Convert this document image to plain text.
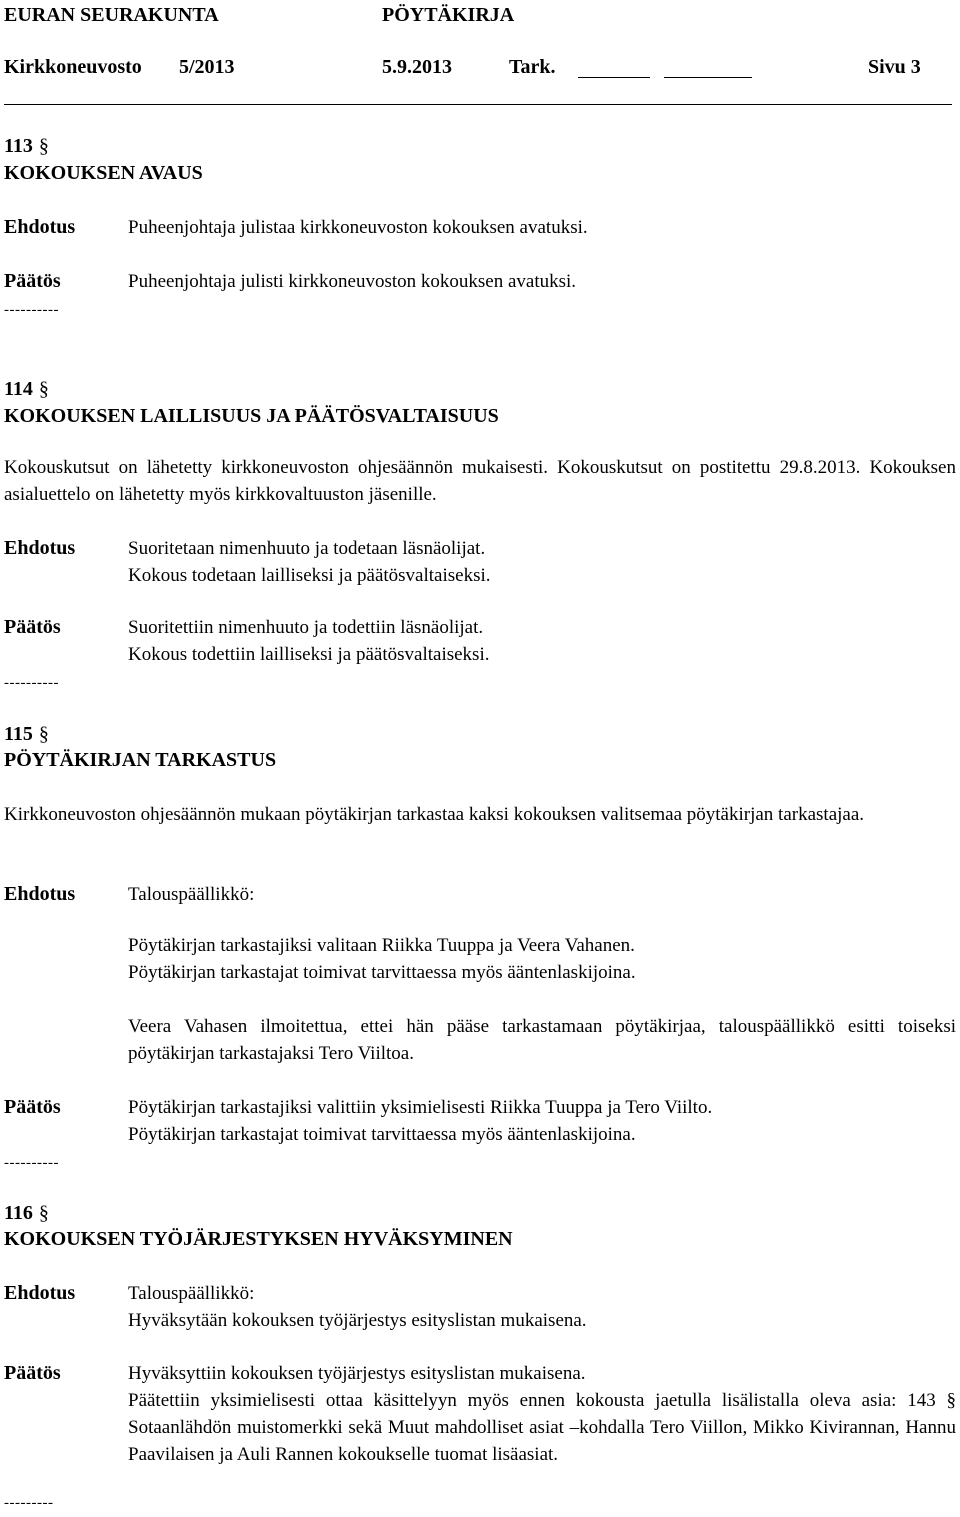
EURAN SEURAKUNTA	PÖYTÄKIRJA
Kirkkoneuvosto 5/2013	5.9.2013	Tark.	Sivu 3
113 §
KOKOUKSEN AVAUS
Ehdotus	Puheenjohtaja julistaa kirkkoneuvoston kokouksen avatuksi.
Päätös	Puheenjohtaja julisti kirkkoneuvoston kokouksen avatuksi.
----------
114 §
KOKOUKSEN LAILLISUUS JA PÄÄTÖSVALTAISUUS
Kokouskutsut on lähetetty kirkkoneuvoston ohjesäännön mukaisesti. Kokouskutsut on postitettu 29.8.2013. Kokouksen asialuettelo on lähetetty myös kirkkovaltuuston jäsenille.
Ehdotus	Suoritetaan nimenhuuto ja todetaan läsnäolijat.
Kokous todetaan lailliseksi ja päätösvaltaiseksi.
Päätös	Suoritettiin nimenhuuto ja todettiin läsnäolijat.
Kokous todettiin lailliseksi ja päätösvaltaiseksi.
----------
115 §
PÖYTÄKIRJAN TARKASTUS
Kirkkoneuvoston ohjesäännön mukaan pöytäkirjan tarkastaa kaksi kokouksen valitsemaa pöytäkirjan tarkastajaa.
Ehdotus	Talouspäällikkö:
Pöytäkirjan tarkastajiksi valitaan Riikka Tuuppa ja Veera Vahanen.
Pöytäkirjan tarkastajat toimivat tarvittaessa myös ääntenlaskijoina.
Veera Vahasen ilmoitettua, ettei hän pääse tarkastamaan pöytäkirjaa, talouspäällikkö esitti toiseksi pöytäkirjan tarkastajaksi Tero Viiltoa.
Päätös	Pöytäkirjan tarkastajiksi valittiin yksimielisesti Riikka Tuuppa ja Tero Viilto.
Pöytäkirjan tarkastajat toimivat tarvittaessa myös ääntenlaskijoina.
----------
116 §
KOKOUKSEN TYÖJÄRJESTYKSEN HYVÄKSYMINEN
Ehdotus	Talouspäällikkö:
Hyväksytään kokouksen työjärjestys esityslistan mukaisena.
Päätös	Hyväksyttiin kokouksen työjärjestys esityslistan mukaisena.
Päätettiin yksimielisesti ottaa käsittelyyn myös ennen kokousta jaetulla lisälistalla oleva asia: 143 § Sotaanlähdön muistomerkki sekä Muut mahdolliset asiat –kohdalla Tero Viillon, Mikko Kivirannan, Hannu Paavilaisen ja Auli Rannen kokoukselle tuomat lisäasiat.
---------
